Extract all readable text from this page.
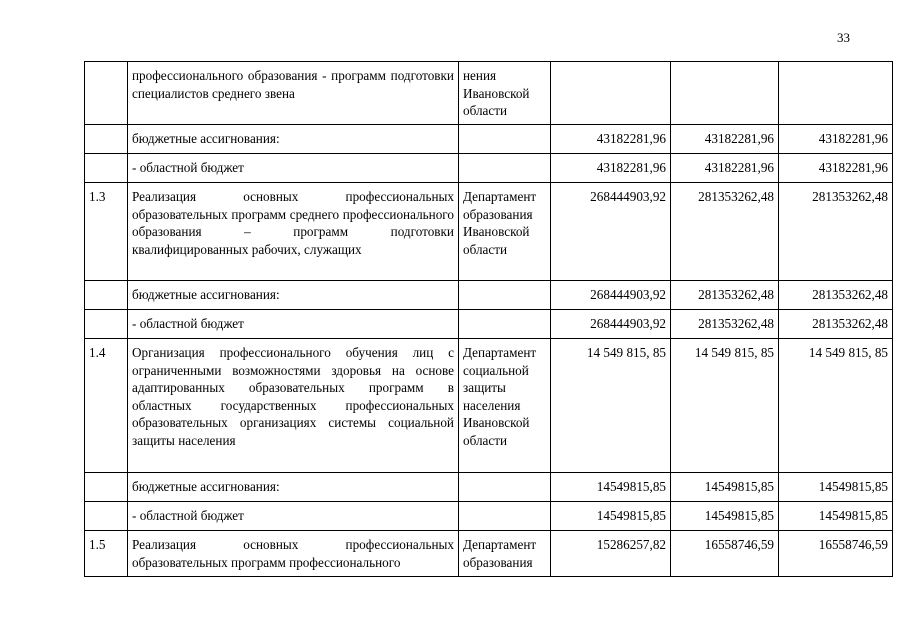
33
	профессионального образования - программ подготовки специалистов среднего звена	нения Ивановской области			
	бюджетные ассигнования:		43182281,96	43182281,96	43182281,96
	- областной бюджет		43182281,96	43182281,96	43182281,96
1.3	Реализация основных профессиональных образовательных программ среднего профессионального образования – программ подготовки квалифицированных рабочих, служащих	Департамент образования Ивановской области	268444903,92	281353262,48	281353262,48
	бюджетные ассигнования:		268444903,92	281353262,48	281353262,48
	- областной бюджет		268444903,92	281353262,48	281353262,48
1.4	Организация профессионального обучения лиц с ограниченными возможностями здоровья на основе адаптированных образовательных программ в областных государственных профессиональных образовательных организациях системы социальной защиты населения	Департамент социальной защиты населения Ивановской области	14 549 815, 85	14 549 815, 85	14 549 815, 85
	бюджетные ассигнования:		14549815,85	14549815,85	14549815,85
	- областной бюджет		14549815,85	14549815,85	14549815,85
1.5	Реализация основных профессиональных образовательных программ профессионального	Департамент образования	15286257,82	16558746,59	16558746,59
